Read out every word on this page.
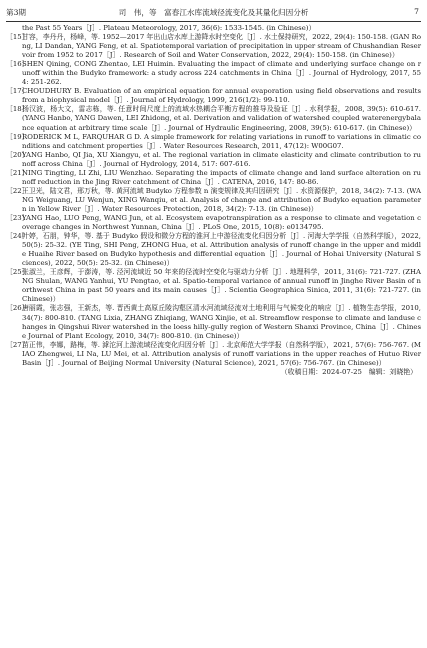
第3期	司　伟，等　富春江水库流域径流变化及其量化归因分析	7
the Past 55 Years［J］. Plateau Meteorology, 2017, 36(6): 1533-1545. (in Chinese)）
［15］
甘容，李丹丹，杨峰，等. 1952—2017 年出山店水库上游降水时空变化［J］. 水土保持研究，2022, 29(4): 150-158. (GAN Rong, LI Dandan, YANG Feng, et al. Spatiotemporal variation of precipitation in upper stream of Chushandian Reservoir from 1952 to 2017［J］. Research of Soil and Water Conservation, 2022, 29(4): 150-158. (in Chinese)）
［16］
SHEN Qining, CONG Zhentao, LEI Huimin. Evaluating the impact of climate and underlying surface change on runoff within the Budyko framework: a study across 224 catchments in China［J］. Journal of Hydrology, 2017, 554: 251-262.
［17］
CHOUDHURY B. Evaluation of an empirical equation for annual evaporation using field observations and results from a biophysical model［J］. Journal of Hydrology, 1999, 216(1/2): 99-110.
［18］
杨汉波，杨大文，雷志栋，等. 任意时间尺度上的流域水热耦合平衡方程的推导及验证［J］. 水利学报，2008, 39(5): 610-617. (YANG Hanbo, YANG Dawen, LEI Zhidong, et al. Derivation and validation of watershed coupled waterenergybalance equation at arbitrary time scale［J］. Journal of Hydraulic Engineering, 2008, 39(5): 610-617. (in Chinese)）
［19］
RODERICK M L, FARQUHAR G D. A simple framework for relating variations in runoff to variations in climatic conditions and catchment properties［J］. Water Resources Research, 2011, 47(12): W00G07.
［20］
YANG Hanbo, QI Jia, XU Xiangyu, et al. The regional variation in climate elasticity and climate contribution to runoff across China［J］. Journal of Hydrology, 2014, 517: 607-616.
［21］
NING Tingting, LI Zhi, LIU Wenzhao. Separating the impacts of climate change and land surface alteration on runoff reduction in the Jing River catchment of China［J］. CATENA, 2016, 147: 80-86.
［22］
王卫光，陆文君，邢万秋，等. 黄河流域 Budyko 方程参数 n 演变规律及其归因研究［J］. 水资源保护，2018, 34(2): 7-13. (WANG Weiguang, LU Wenjun, XING Wanqiu, et al. Analysis of change and attribution of Budyko equation parameter n in Yellow River［J］. Water Resources Protection, 2018, 34(2): 7-13. (in Chinese)）
［23］
YANG Hao, LUO Peng, WANG Jun, et al. Ecosystem evapotranspiration as a response to climate and vegetation coverage changes in Northwest Yunnan, China［J］. PLoS One, 2015, 10(8): e0134795.
［24］
叶婷，石朋，钟华，等. 基于 Budyko 假设和微分方程的淮河上中游径流变化归因分析［J］. 河海大学学报（自然科学版），2022, 50(5): 25-32. (YE Ting, SHI Peng, ZHONG Hua, et al. Attribution analysis of runoff change in the upper and middle Huaihe River based on Budyko hypothesis and differential equation［J］. Journal of Hohai University (Natural Sciences), 2022, 50(5): 25-32. (in Chinese)）
［25］
张淑兰，王彦辉，于澎涛，等. 泾河流域近 50 年来的径流时空变化与驱动力分析［J］. 地理科学，2011, 31(6): 721-727. (ZHANG Shulan, WANG Yanhui, YU Pengtao, et al. Spatio-temporal variance of annual runoff in Jinghe River Basin of northwest China in past 50 years and its main causes［J］. Scientia Geographica Sinica, 2011, 31(6): 721-727. (in Chinese)）
［26］
唐丽霞，张志强，王新杰，等. 晋西黄土高原丘陵沟壑区清水河流域径流对土地利用与气候变化的响应［J］. 植物生态学报，2010, 34(7): 800-810. (TANG Lixia, ZHANG Zhiqiang, WANG Xinjie, et al. Streamflow response to climate and landuse changes in Qingshui River watershed in the loess hilly-gully region of Western Shanxi Province, China［J］. Chinese Journal of Plant Ecology, 2010, 34(7): 800-810. (in Chinese)）
［27］
苗正伟，李娜，路梅，等. 滹沱河上游流域径流变化归因分析［J］. 北京师范大学学报（自然科学版），2021, 57(6): 756-767. (MIAO Zhengwei, LI Na, LU Mei, et al. Attribution analysis of runoff variations in the upper reaches of Hutuo River Basin［J］. Journal of Beijing Normal University (Natural Science), 2021, 57(6): 756-767. (in Chinese)）
（收稿日期：2024-07-25　编辑：刘晓艳）
